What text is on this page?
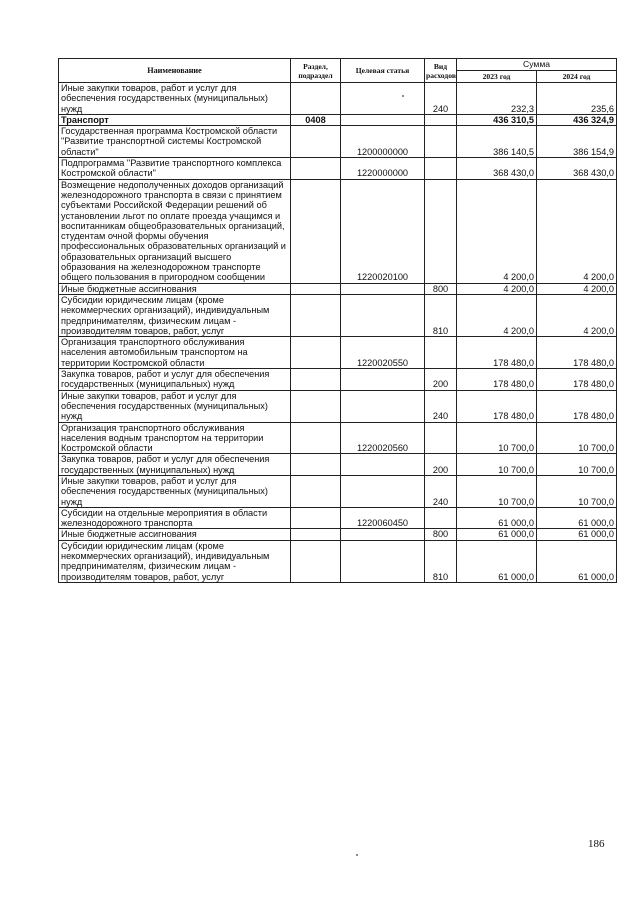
Наименование	Раздел, подраздел	Целевая статья	Вид расходов	Сумма	
				2023 год	2024 год
Иные закупки товаров, работ и услуг для обеспечения государственных (муниципальных) нужд			240	232,3	235,6
Транспорт	0408			436 310,5	436 324,9
Государственная программа Костромской области "Развитие транспортной системы Костромской области"		1200000000		386 140,5	386 154,9
Подпрограмма "Развитие транспортного комплекса Костромской области"		1220000000		368 430,0	368 430,0
Возмещение недополученных доходов организаций железнодорожного транспорта в связи с принятием субъектами Российской Федерации решений об установлении льгот по оплате проезда учащимся и воспитанникам общеобразовательных организаций, студентам очной формы обучения профессиональных образовательных организаций и образовательных организаций высшего образования на железнодорожном транспорте общего пользования в пригородном сообщении		1220020100		4 200,0	4 200,0
Иные бюджетные ассигнования			800	4 200,0	4 200,0
Субсидии юридическим лицам (кроме некоммерческих организаций), индивидуальным предпринимателям, физическим лицам - производителям товаров, работ, услуг			810	4 200,0	4 200,0
Организация транспортного обслуживания населения автомобильным транспортом на территории Костромской области		1220020550		178 480,0	178 480,0
Закупка товаров, работ и услуг для обеспечения государственных (муниципальных) нужд			200	178 480,0	178 480,0
Иные закупки товаров, работ и услуг для обеспечения государственных (муниципальных) нужд			240	178 480,0	178 480,0
Организация транспортного обслуживания населения водным транспортом на территории Костромской области		1220020560		10 700,0	10 700,0
Закупка товаров, работ и услуг для обеспечения государственных (муниципальных) нужд			200	10 700,0	10 700,0
Иные закупки товаров, работ и услуг для обеспечения государственных (муниципальных) нужд			240	10 700,0	10 700,0
Субсидии на отдельные мероприятия в области железнодорожного транспорта		1220060450		61 000,0	61 000,0
Иные бюджетные ассигнования			800	61 000,0	61 000,0
Субсидии юридическим лицам (кроме некоммерческих организаций), индивидуальным предпринимателям, физическим лицам - производителям товаров, работ, услуг			810	61 000,0	61 000,0
186
